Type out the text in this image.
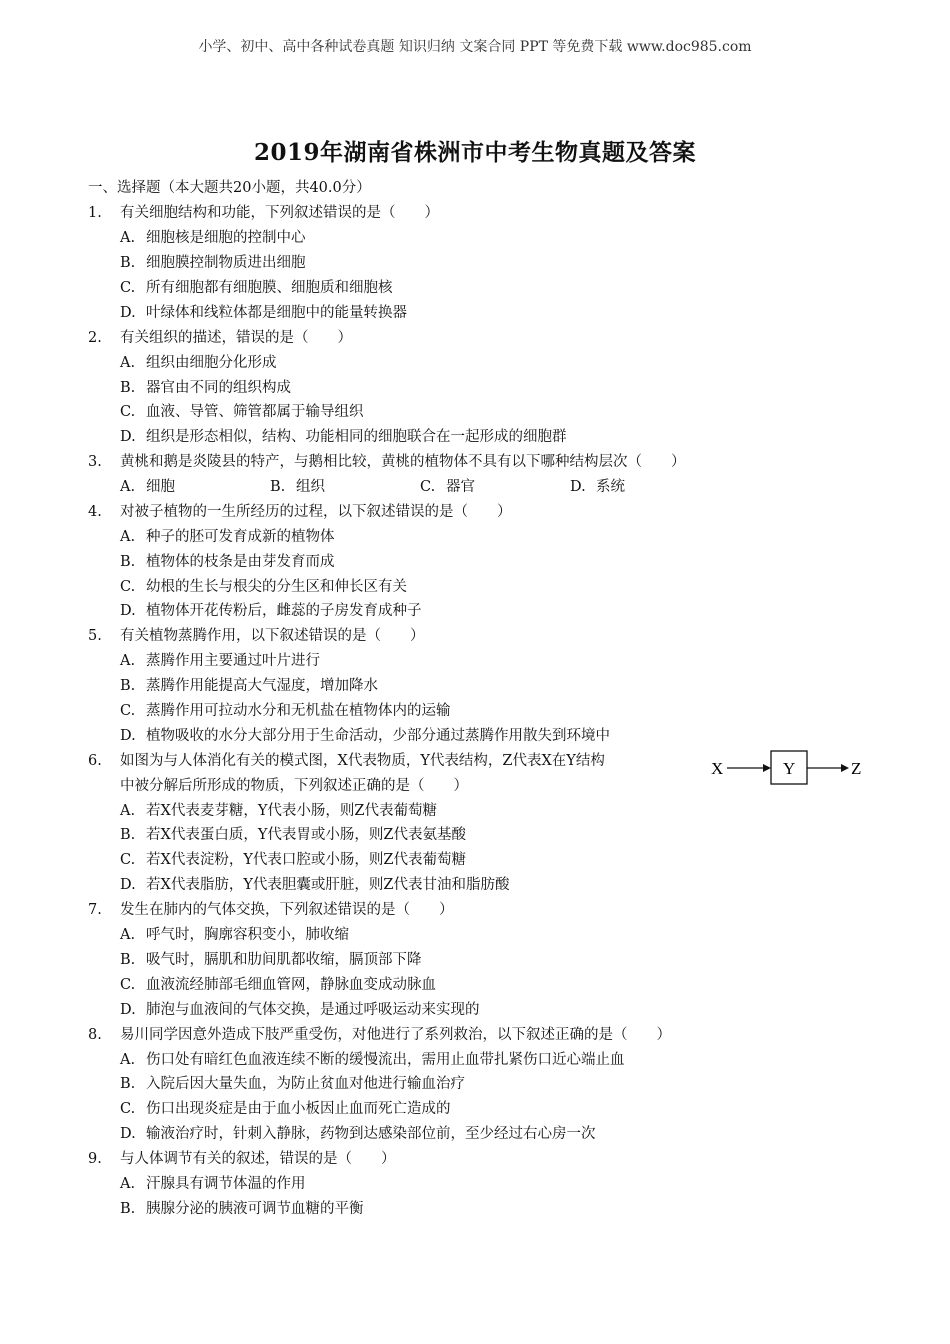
小学、初中、高中各种试卷真题 知识归纳 文案合同 PPT 等免费下载 www.doc985.com
2019年湖南省株洲市中考生物真题及答案
一、选择题（本大题共20小题，共40.0分）
1. 有关细胞结构和功能，下列叙述错误的是（　　）
A. 细胞核是细胞的控制中心
B. 细胞膜控制物质进出细胞
C. 所有细胞都有细胞膜、细胞质和细胞核
D. 叶绿体和线粒体都是细胞中的能量转换器
2. 有关组织的描述，错误的是（　　）
A. 组织由细胞分化形成
B. 器官由不同的组织构成
C. 血液、导管、筛管都属于输导组织
D. 组织是形态相似，结构、功能相同的细胞联合在一起形成的细胞群
3. 黄桃和鹅是炎陵县的特产，与鹅相比较，黄桃的植物体不具有以下哪种结构层次（　　）
A. 细胞	B. 组织	C. 器官	D. 系统
4. 对被子植物的一生所经历的过程，以下叙述错误的是（　　）
A. 种子的胚可发育成新的植物体
B. 植物体的枝条是由芽发育而成
C. 幼根的生长与根尖的分生区和伸长区有关
D. 植物体开花传粉后，雌蕊的子房发育成种子
5. 有关植物蒸腾作用，以下叙述错误的是（　　）
A. 蒸腾作用主要通过叶片进行
B. 蒸腾作用能提高大气湿度，增加降水
C. 蒸腾作用可拉动水分和无机盐在植物体内的运输
D. 植物吸收的水分大部分用于生命活动，少部分通过蒸腾作用散失到环境中
6. 如图为与人体消化有关的模式图，X代表物质，Y代表结构，Z代表X在Y结构
中被分解后所形成的物质，下列叙述正确的是（　　）
A. 若X代表麦芽糖，Y代表小肠，则Z代表葡萄糖
B. 若X代表蛋白质，Y代表胃或小肠，则Z代表氨基酸
C. 若X代表淀粉，Y代表口腔或小肠，则Z代表葡萄糖
D. 若X代表脂肪，Y代表胆囊或肝脏，则Z代表甘油和脂肪酸
X	Y	Z
7. 发生在肺内的气体交换，下列叙述错误的是（　　）
A. 呼气时，胸廓容积变小，肺收缩
B. 吸气时，膈肌和肋间肌都收缩，膈顶部下降
C. 血液流经肺部毛细血管网，静脉血变成动脉血
D. 肺泡与血液间的气体交换，是通过呼吸运动来实现的
8. 易川同学因意外造成下肢严重受伤，对他进行了系列救治，以下叙述正确的是（　　）
A. 伤口处有暗红色血液连续不断的缓慢流出，需用止血带扎紧伤口近心端止血
B. 入院后因大量失血，为防止贫血对他进行输血治疗
C. 伤口出现炎症是由于血小板因止血而死亡造成的
D. 输液治疗时，针刺入静脉，药物到达感染部位前，至少经过右心房一次
9. 与人体调节有关的叙述，错误的是（　　）
A. 汗腺具有调节体温的作用
B. 胰腺分泌的胰液可调节血糖的平衡
